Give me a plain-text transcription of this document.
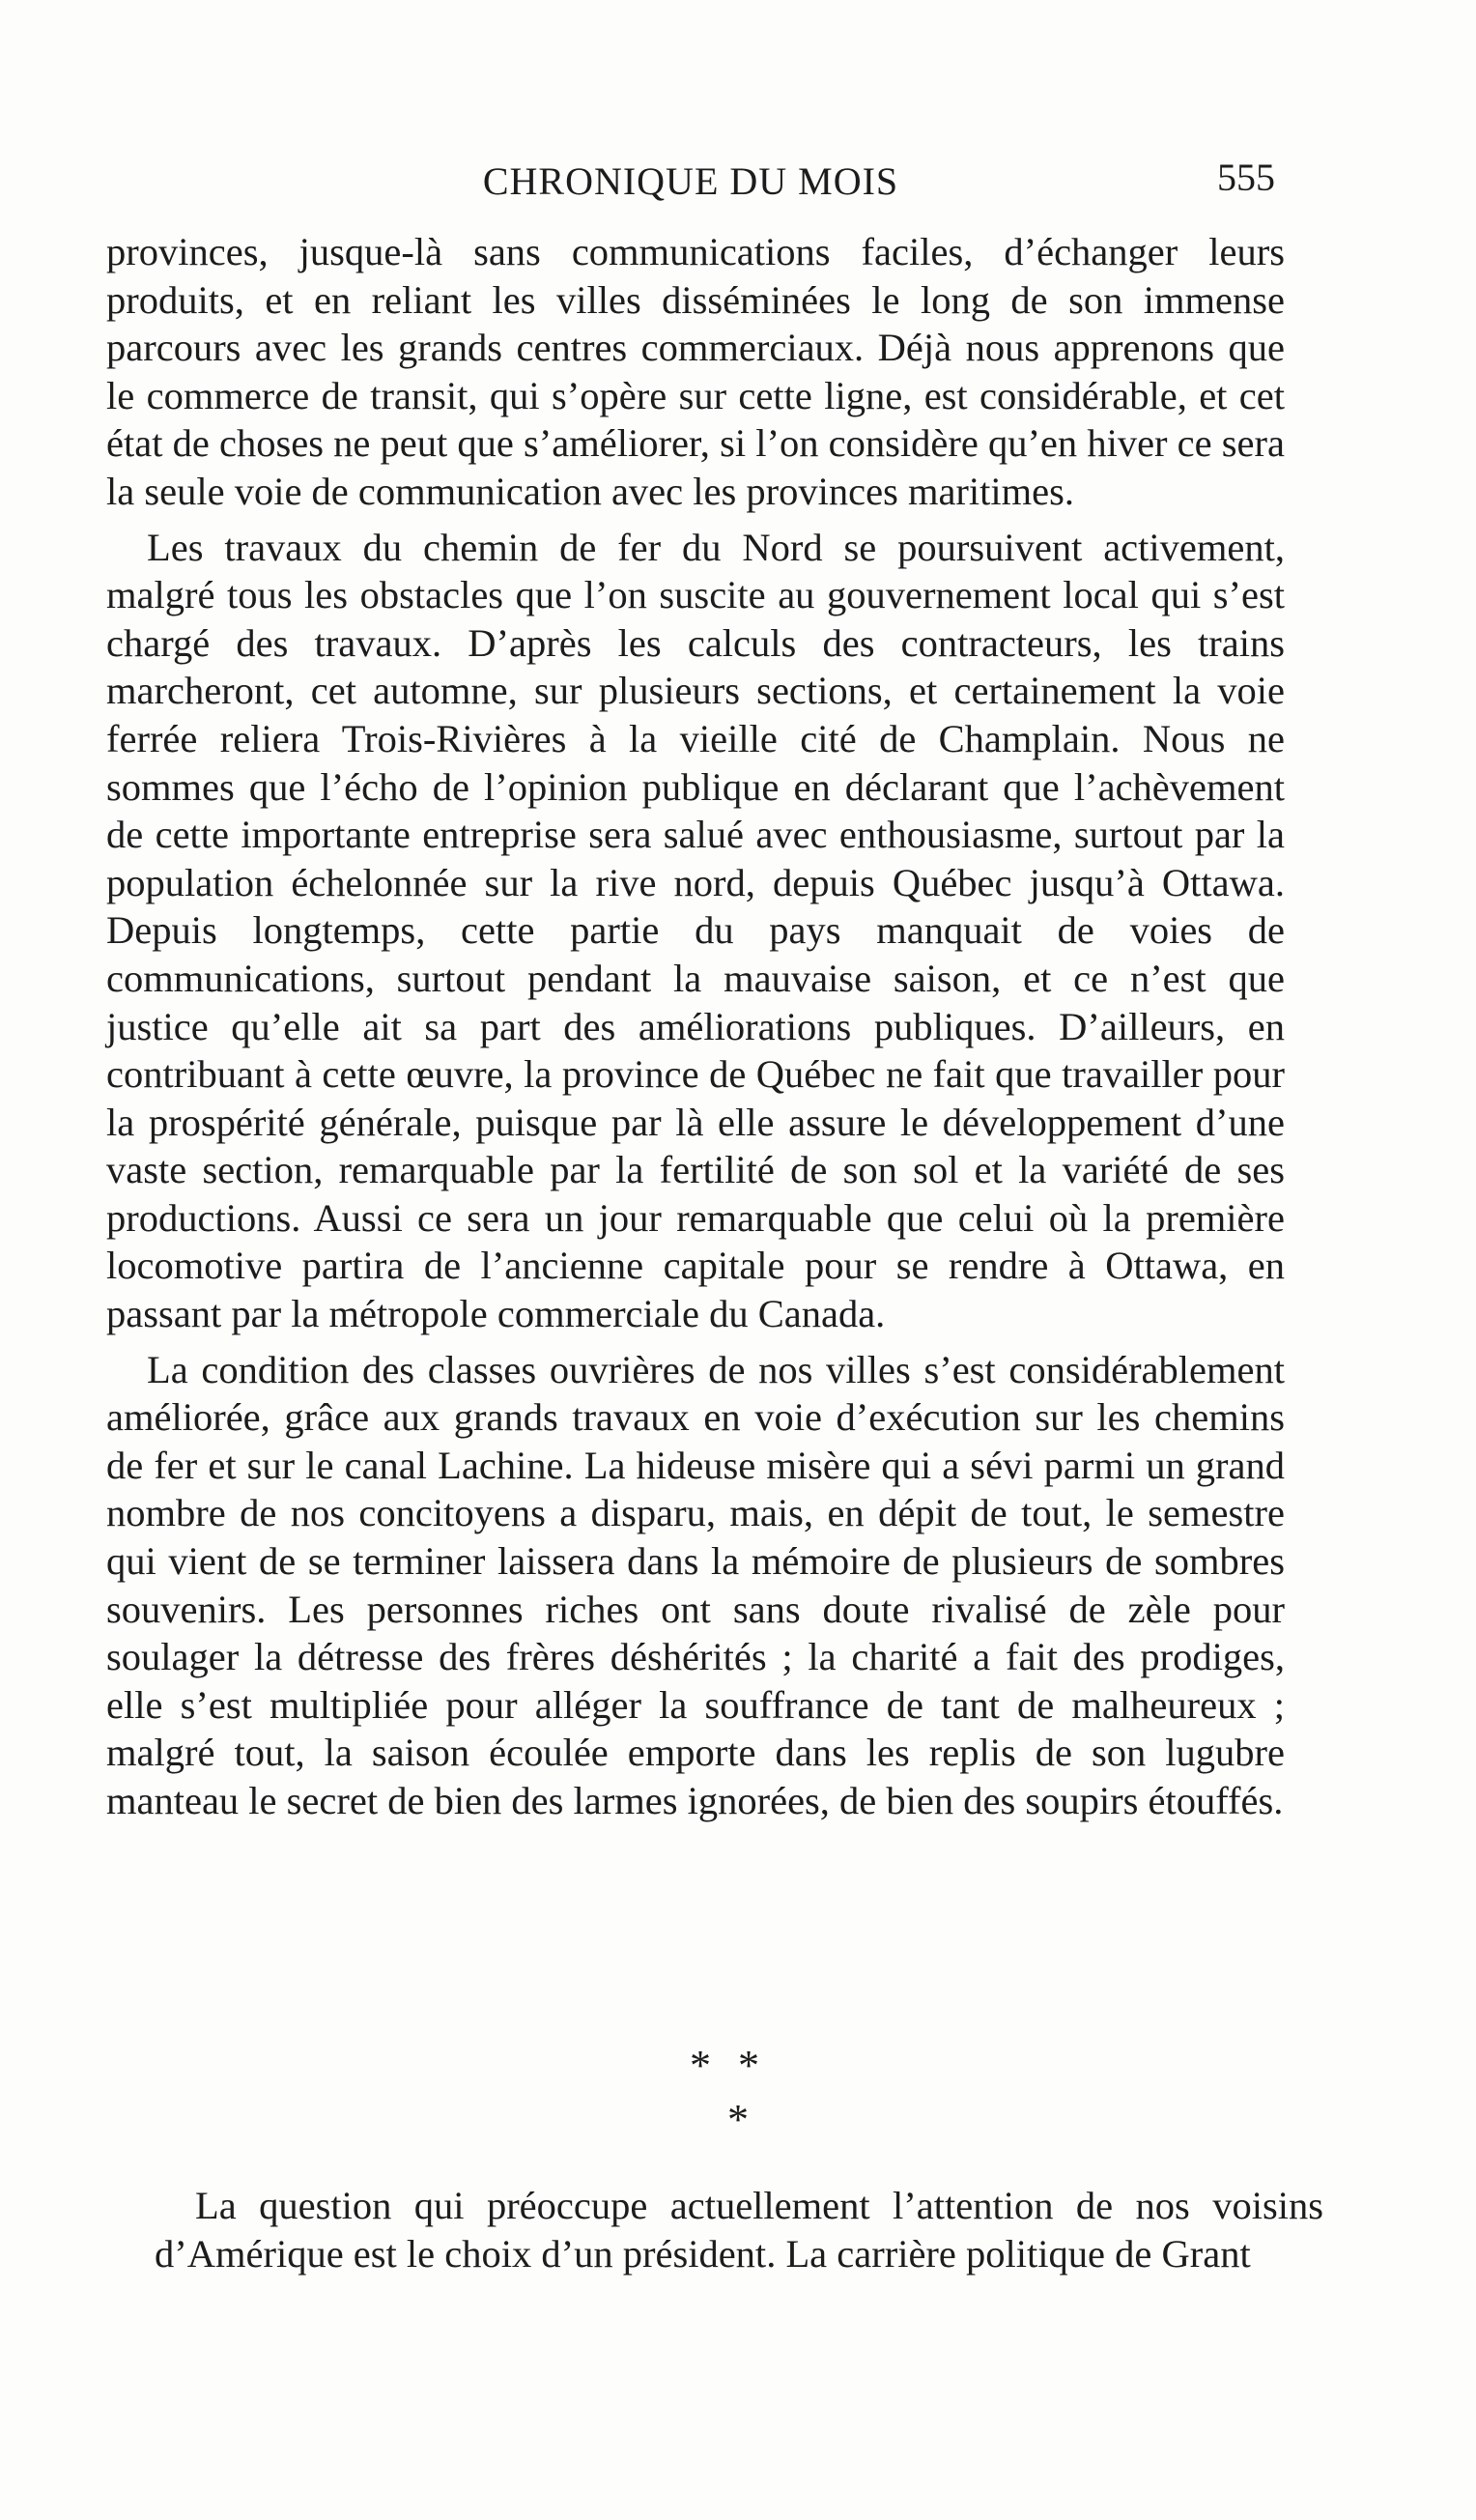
CHRONIQUE DU MOIS	555

provinces, jusque-là sans communications faciles, d’échanger leurs produits, et en reliant les villes disséminées le long de son immense parcours avec les grands centres commerciaux. Déjà nous apprenons que le commerce de transit, qui s’opère sur cette ligne, est considérable, et cet état de choses ne peut que s’améliorer, si l’on considère qu’en hiver ce sera la seule voie de communication avec les provinces maritimes.

Les travaux du chemin de fer du Nord se poursuivent activement, malgré tous les obstacles que l’on suscite au gouvernement local qui s’est chargé des travaux. D’après les calculs des contracteurs, les trains marcheront, cet automne, sur plusieurs sections, et certainement la voie ferrée reliera Trois-Rivières à la vieille cité de Champlain. Nous ne sommes que l’écho de l’opinion publique en déclarant que l’achèvement de cette importante entreprise sera salué avec enthousiasme, surtout par la population échelonnée sur la rive nord, depuis Québec jusqu’à Ottawa. Depuis longtemps, cette partie du pays manquait de voies de communications, surtout pendant la mauvaise saison, et ce n’est que justice qu’elle ait sa part des améliorations publiques. D’ailleurs, en contribuant à cette œuvre, la province de Québec ne fait que travailler pour la prospérité générale, puisque par là elle assure le développement d’une vaste section, remarquable par la fertilité de son sol et la variété de ses productions. Aussi ce sera un jour remarquable que celui où la première locomotive partira de l’ancienne capitale pour se rendre à Ottawa, en passant par la métropole commerciale du Canada.

La condition des classes ouvrières de nos villes s’est considérablement améliorée, grâce aux grands travaux en voie d’exécution sur les chemins de fer et sur le canal Lachine. La hideuse misère qui a sévi parmi un grand nombre de nos concitoyens a disparu, mais, en dépit de tout, le semestre qui vient de se terminer laissera dans la mémoire de plusieurs de sombres souvenirs. Les personnes riches ont sans doute rivalisé de zèle pour soulager la détresse des frères déshérités ; la charité a fait des prodiges, elle s’est multipliée pour alléger la souffrance de tant de malheureux ; malgré tout, la saison écoulée emporte dans les replis de son lugubre manteau le secret de bien des larmes ignorées, de bien des soupirs étouffés.

**
*

La question qui préoccupe actuellement l’attention de nos voisins d’Amérique est le choix d’un président. La carrière politique de Grant
